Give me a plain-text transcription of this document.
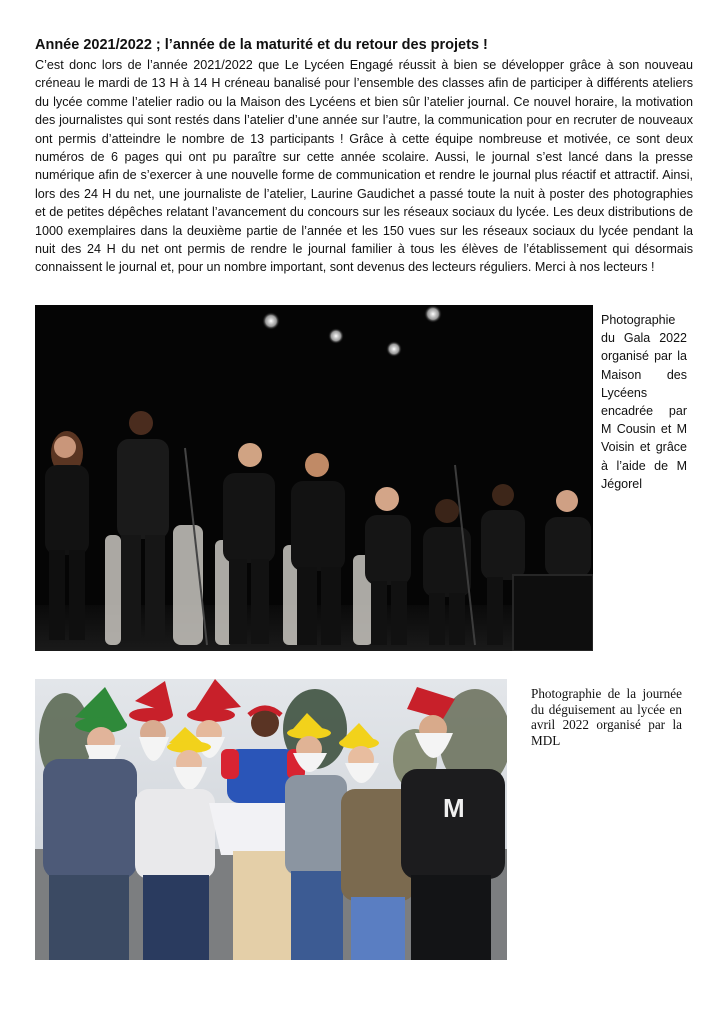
Année 2021/2022 ; l’année de la maturité et du retour des projets !

C’est donc lors de l’année 2021/2022 que Le Lycéen Engagé réussit à bien se développer grâce à son nouveau créneau le mardi de 13 H à 14 H créneau banalisé pour l’ensemble des classes afin de participer à différents ateliers du lycée comme l’atelier radio ou la Maison des Lycéens et bien sûr l’atelier journal. Ce nouvel horaire, la motivation des journalistes qui sont restés dans l’atelier d’une année sur l’autre, la communication pour en recruter de nouveaux ont permis d’atteindre le nombre de 13 participants ! Grâce à cette équipe nombreuse et motivée, ce sont deux numéros de 6 pages qui ont pu paraître sur cette année scolaire. Aussi, le journal s’est lancé dans la presse numérique afin de s’exercer à une nouvelle forme de communication et rendre le journal plus réactif et attractif. Ainsi, lors des 24 H du net, une journaliste de l’atelier, Laurine Gaudichet a passé toute la nuit à poster des photographies et de petites dépêches relatant l’avancement du concours sur les réseaux sociaux du lycée. Les deux distributions de 1000 exemplaires dans la deuxième partie de l’année et les 150 vues sur les réseaux sociaux du lycée pendant la nuit des 24 H du net ont permis de rendre le journal familier à tous les élèves de l’établissement qui désormais connaissent le journal et, pour un nombre important, sont devenus des lecteurs réguliers. Merci à nos lecteurs !

Photographie du Gala 2022 organisé par la Maison des Lycéens encadrée par M Cousin et M Voisin et grâce à l’aide de M Jégorel

M

Photographie de la journée du déguisement au lycée en avril 2022 organisé par la MDL
